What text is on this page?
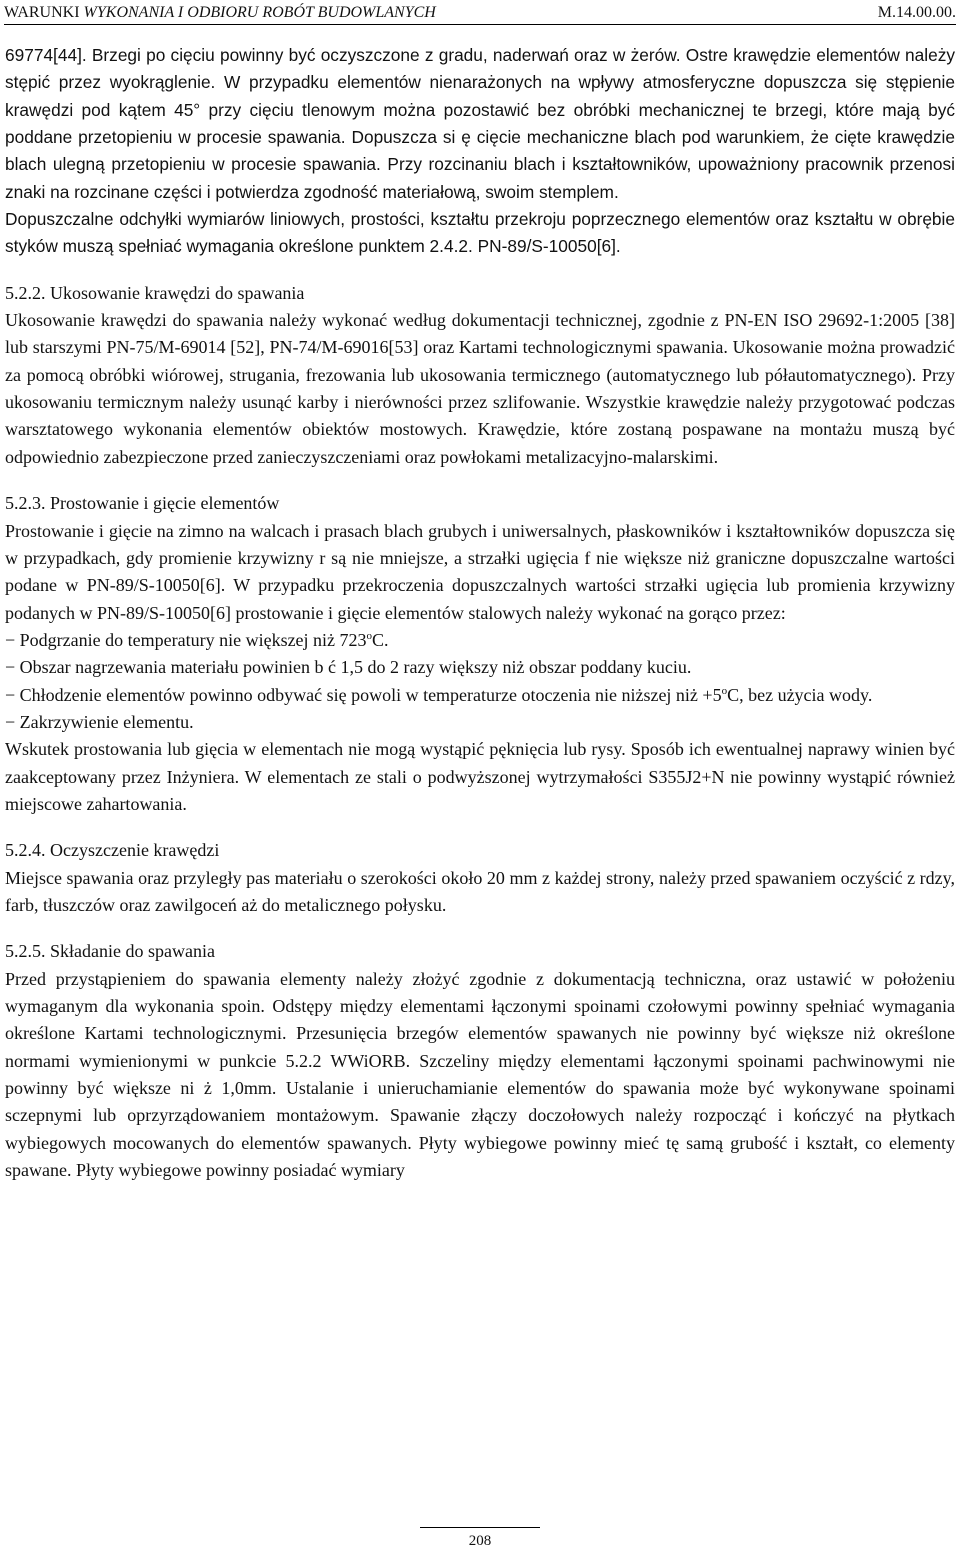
WARUNKI WYKONANIA I ODBIORU ROBÓT BUDOWLANYCH	M.14.00.00.

69774[44]. Brzegi po cięciu powinny być oczyszczone z gradu, naderwań oraz w żerów. Ostre krawędzie elementów należy stępić przez wyokrąglenie. W przypadku elementów nienarażonych na wpływy atmosferyczne dopuszcza się stępienie krawędzi pod kątem 45° przy cięciu tlenowym można pozostawić bez obróbki mechanicznej te brzegi, które mają być poddane przetopieniu w procesie spawania. Dopuszcza si ę cięcie mechaniczne blach pod warunkiem, że cięte krawędzie blach ulegną przetopieniu w procesie spawania. Przy rozcinaniu blach i kształtowników, upoważniony pracownik przenosi znaki na rozcinane części i potwierdza zgodność materiałową, swoim stemplem.

Dopuszczalne odchyłki wymiarów liniowych, prostości, kształtu przekroju poprzecznego elementów oraz kształtu w obrębie styków muszą spełniać wymagania określone punktem 2.4.2. PN-89/S-10050[6].

5.2.2. Ukosowanie krawędzi do spawania

Ukosowanie krawędzi do spawania należy wykonać według dokumentacji technicznej, zgodnie z PN-EN ISO 29692-1:2005 [38] lub starszymi PN-75/M-69014 [52], PN-74/M-69016[53] oraz Kartami technologicznymi spawania. Ukosowanie można prowadzić za pomocą obróbki wiórowej, strugania, frezowania lub ukosowania termicznego (automatycznego lub półautomatycznego). Przy ukosowaniu termicznym należy usunąć karby i nierówności przez szlifowanie. Wszystkie krawędzie należy przygotować podczas warsztatowego wykonania elementów obiektów mostowych. Krawędzie, które zostaną pospawane na montażu muszą być odpowiednio zabezpieczone przed zanieczyszczeniami oraz powłokami metalizacyjno-malarskimi.

5.2.3. Prostowanie i gięcie elementów

Prostowanie i gięcie na zimno na walcach i prasach blach grubych i uniwersalnych, płaskowników i kształtowników dopuszcza się w przypadkach, gdy promienie krzywizny r są nie mniejsze, a strzałki ugięcia f nie większe niż graniczne dopuszczalne wartości podane w PN-89/S-10050[6]. W przypadku przekroczenia dopuszczalnych wartości strzałki ugięcia lub promienia krzywizny podanych w PN-89/S-10050[6] prostowanie i gięcie elementów stalowych należy wykonać na gorąco przez:

− Podgrzanie do temperatury nie większej niż 723$^o$C.

− Obszar nagrzewania materiału powinien b ć 1,5 do 2 razy większy niż obszar poddany kuciu.

− Chłodzenie elementów powinno odbywać się powoli w temperaturze otoczenia nie niższej niż $+5^oC$, bez użycia wody.

− Zakrzywienie elementu.

Wskutek prostowania lub gięcia w elementach nie mogą wystąpić pęknięcia lub rysy. Sposób ich ewentualnej naprawy winien być zaakceptowany przez Inżyniera. W elementach ze stali o podwyższonej wytrzymałości S355J2+N nie powinny wystąpić również miejscowe zahartowania.

5.2.4. Oczyszczenie krawędzi

Miejsce spawania oraz przyległy pas materiału o szerokości około 20 mm z każdej strony, należy przed spawaniem oczyścić z rdzy, farb, tłuszczów oraz zawilgoceń aż do metalicznego połysku.

5.2.5. Składanie do spawania

Przed przystąpieniem do spawania elementy należy złożyć zgodnie z dokumentacją techniczna, oraz ustawić w położeniu wymaganym dla wykonania spoin. Odstępy między elementami łączonymi spoinami czołowymi powinny spełniać wymagania określone Kartami technologicznymi. Przesunięcia brzegów elementów spawanych nie powinny być większe niż określone normami wymienionymi w punkcie 5.2.2 WWiORB. Szczeliny między elementami łączonymi spoinami pachwinowymi nie powinny być większe ni ż 1,0mm. Ustalanie i unieruchamianie elementów do spawania może być wykonywane spoinami sczepnymi lub oprzyrządowaniem montażowym. Spawanie złączy doczołowych należy rozpocząć i kończyć na płytkach wybiegowych mocowanych do elementów spawanych. Płyty wybiegowe powinny mieć tę samą grubość i kształt, co elementy spawane. Płyty wybiegowe powinny posiadać wymiary

208
